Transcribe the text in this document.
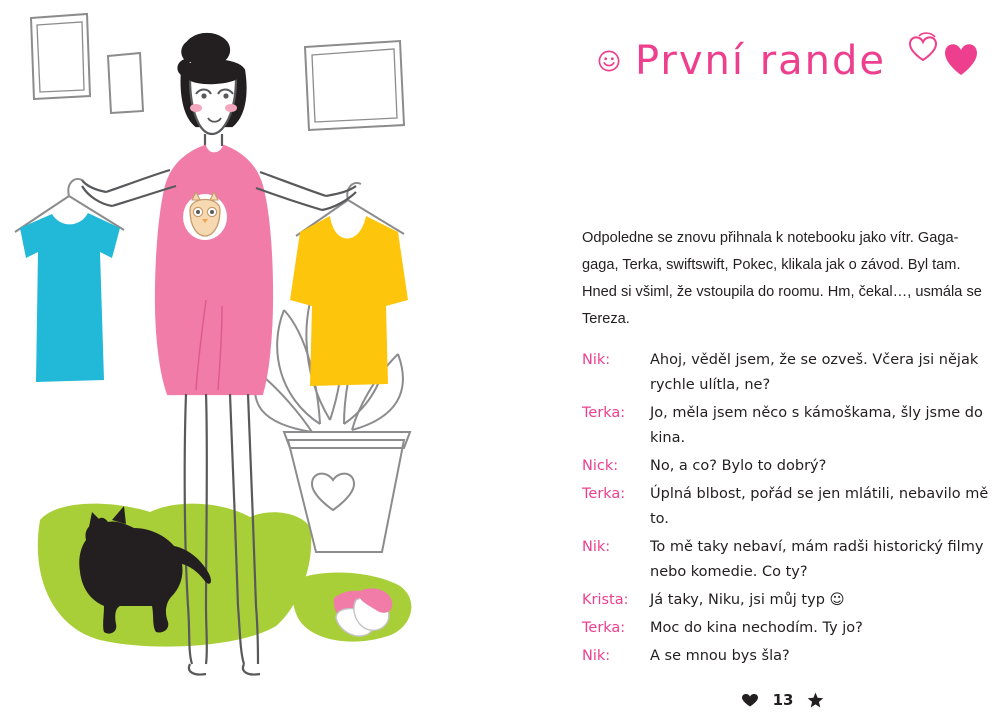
První rande
Odpoledne se znovu přihnala k notebooku jako vítr. Gaga-gaga, Terka, swiftswift, Pokec, klikala jak o závod. Byl tam. Hned si všiml, že vstoupila do roomu. Hm, čekal…, usmála se Tereza.
Nik:	Ahoj, věděl jsem, že se ozveš. Včera jsi nějak rychle ulítla, ne?
Terka:	Jo, měla jsem něco s kámoškama, šly jsme do kina.
Nick:	No, a co? Bylo to dobrý?
Terka:	Úplná blbost, pořád se jen mlátili, nebavilo mě to.
Nik:	To mě taky nebaví, mám radši historický filmy nebo komedie. Co ty?
Krista:	Já taky, Niku, jsi můj typ ☺
Terka:	Moc do kina nechodím. Ty jo?
Nik:	A se mnou bys šla?
13
